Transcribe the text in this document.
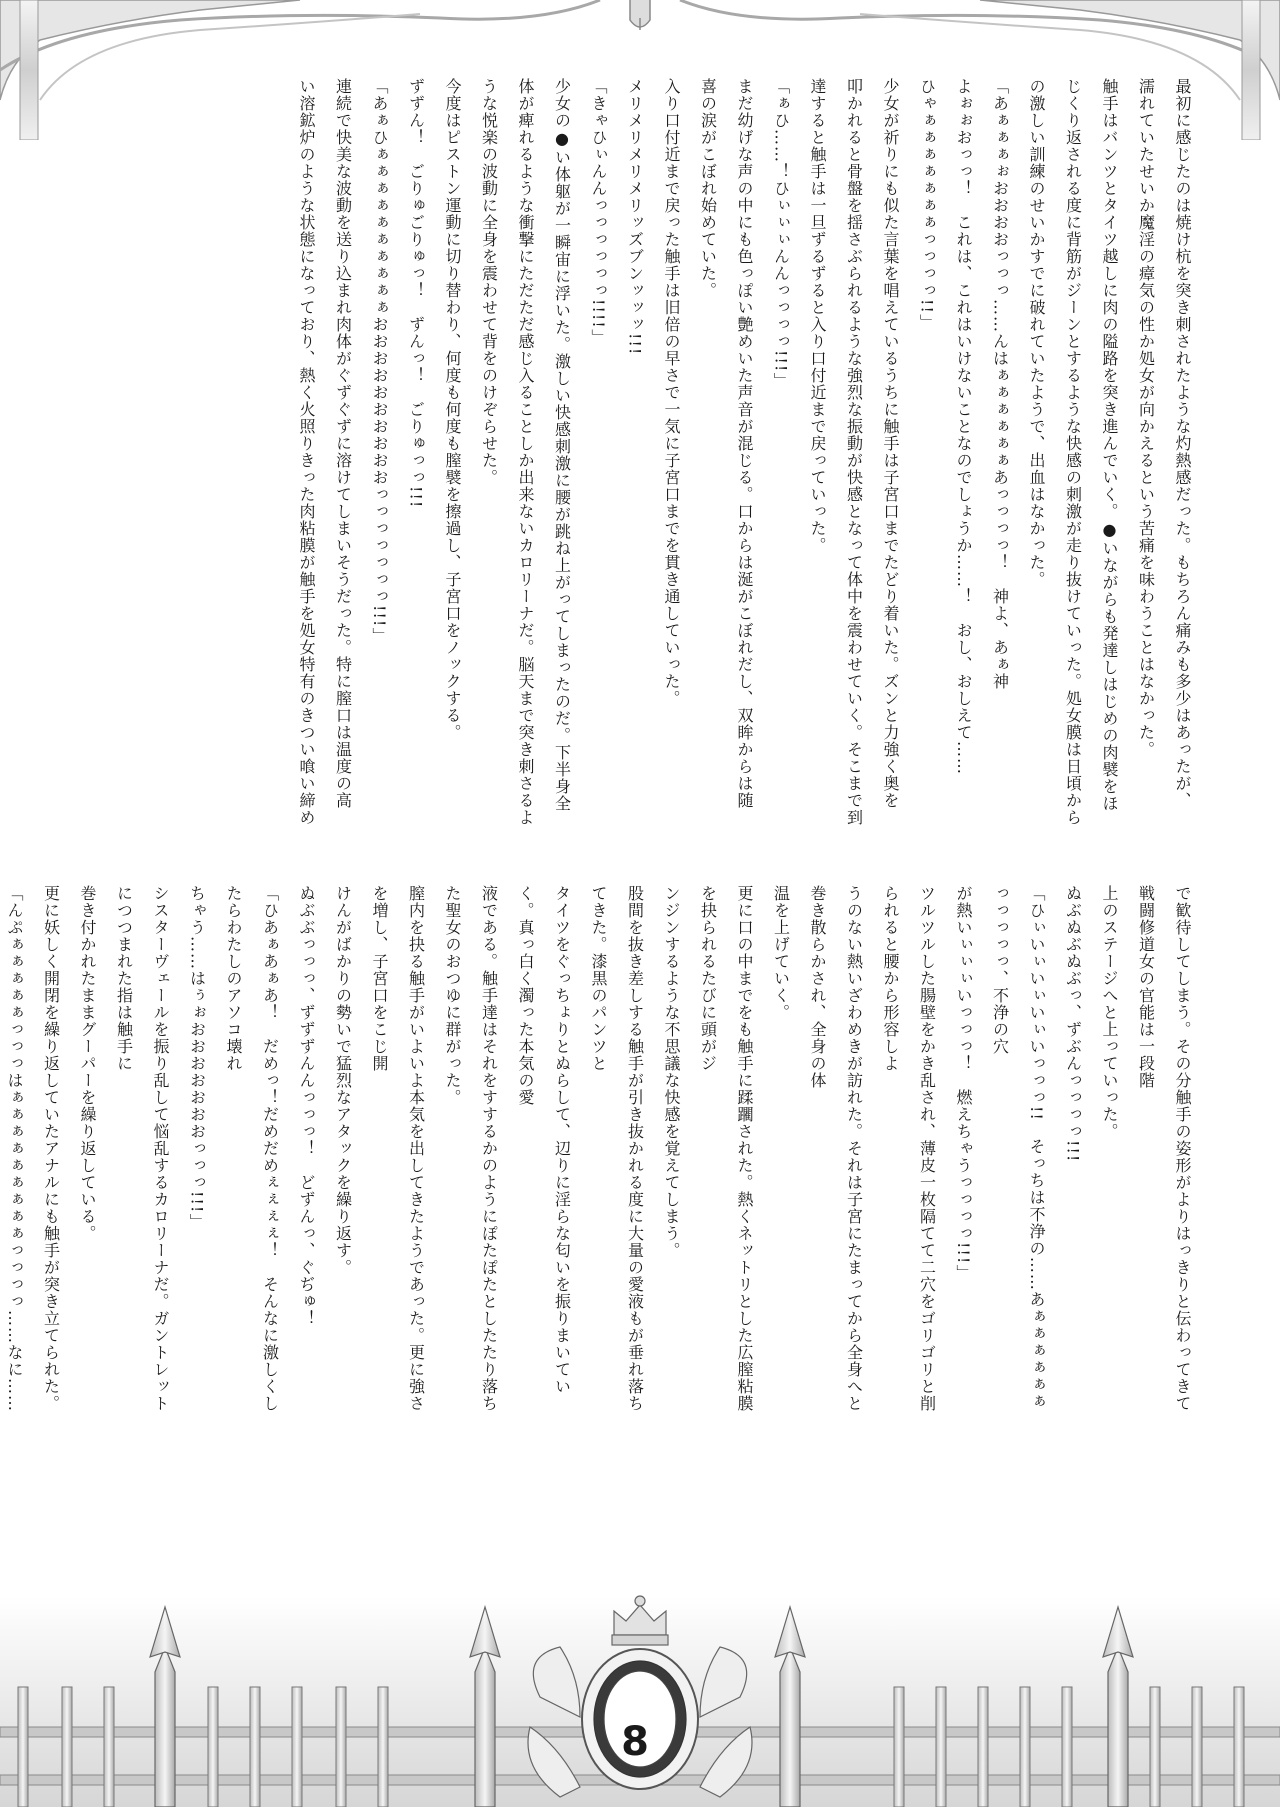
最初に感じたのは焼け杭を突き刺されたような灼熱感だった。もちろん痛みも多少はあったが、
濡れていたせいか魔淫の瘴気の性か処女が向かえるという苦痛を味わうことはなかった。
触手はバンツとタイツ越しに肉の隘路を突き進んでいく。●いながらも発達しはじめの肉襞をほ
じくり返される度に背筋がジーンとするような快感の刺激が走り抜けていった。処女膜は日頃から
の激しい訓練のせいかすでに破れていたようで、出血はなかった。
「あぁぁぁぉおおおおっっっ……んはぁぁぁぁぁぁあっっっっ！　神よ、あぁ神
よぉぉおっっ！　これは、これはいけないことなのでしょうか……！　おし、おしえて……
ひゃぁぁぁぁぁぁぁっっっっ!!」
少女が祈りにも似た言葉を唱えているうちに触手は子宮口までたどり着いた。ズンと力強く奥を
叩かれると骨盤を揺さぶられるような強烈な振動が快感となって体中を震わせていく。そこまで到
達すると触手は一旦ずるずると入り口付近まで戻っていった。
「ぁひ……！ひぃぃぃんんっっっっ!!!」
まだ幼げな声の中にも色っぽい艶めいた声音が混じる。口からは涎がこぼれだし、双眸からは随
喜の涙がこぼれ始めていた。
入り口付近まで戻った触手は旧倍の早さで一気に子宮口までを貫き通していった。
メリメリメリメリッズブンッッッ!!!
「きゃひぃんんっっっっっっ!!!!」
少女の●い体躯が一瞬宙に浮いた。激しい快感刺激に腰が跳ね上がってしまったのだ。下半身全
体が痺れるような衝撃にただただ感じ入ることしか出来ないカロリーナだ。脳天まで突き刺さるよ
うな悦楽の波動に全身を震わせて背をのけぞらせた。
今度はピストン運動に切り替わり、何度も何度も膣襞を擦過し、子宮口をノックする。
ずずん！　ごりゅごりゅっ！　ずんっ！　ごりゅっっ!!!
「あぁひぁぁぁぁぁぁぁぁぁぁおおおおおおおおおおっっっっっっっ!!!」
連続で快美な波動を送り込まれ肉体がぐずぐずに溶けてしまいそうだった。特に膣口は温度の高
い溶鉱炉のような状態になっており、熱く火照りきった肉粘膜が触手を処女特有のきつい喰い締め
で歓待してしまう。その分触手の姿形がよりはっきりと伝わってきて戦闘修道女の官能は一段階
上のステージへと上っていった。
ぬぶぬぶぬぶっ、ずぶんっっっっ!!!
「ひぃいぃいぃいぃいっっっ!!　そっちは不浄の……あぁぁぁぁぁぁっっっっっ、不浄の穴
が熱いぃぃぃいっっっ！　燃えちゃうっっっっ!!!」
ツルツルした腸壁をかき乱され、薄皮一枚隔てて二穴をゴリゴリと削られると腰から形容しよ
うのない熱いざわめきが訪れた。それは子宮にたまってから全身へと巻き散らかされ、全身の体
温を上げていく。
更に口の中までをも触手に蹂躙された。熱くネットリとした広膣粘膜を抉られるたびに頭がジ
ンジンするような不思議な快感を覚えてしまう。
股間を抜き差しする触手が引き抜かれる度に大量の愛液もが垂れ落ちてきた。漆黒のパンツと
タイツをぐっちょりとぬらして、辺りに淫らな匂いを振りまいていく。真っ白く濁った本気の愛
液である。触手達はそれをすするかのようにぽたぽたとしたたり落ちた聖女のおつゆに群がった。
膣内を抉る触手がいよいよ本気を出してきたようであった。更に強さを増し、子宮口をこじ開
けんがばかりの勢いで猛烈なアタックを繰り返す。
ぬぶぶっっっ、ずずずんんっっっ！　どずんっ、ぐぢゅ！
「ひあぁあぁあ！　だめっ！だめだめぇぇぇぇ！　そんなに激しくしたらわたしのアソコ壊れ
ちゃう……はぅぉおおおおおおおっっっ!!!」
シスターヴェールを振り乱して悩乱するカロリーナだ。ガントレットにつつまれた指は触手に
巻き付かれたままグーパーを繰り返している。
更に妖しく開閉を繰り返していたアナルにも触手が突き立てられた。
「んぷぁぁぁぁぁっっっはぁぁぁぁぁぁぁぁぁっっっっ……なに……　
8
